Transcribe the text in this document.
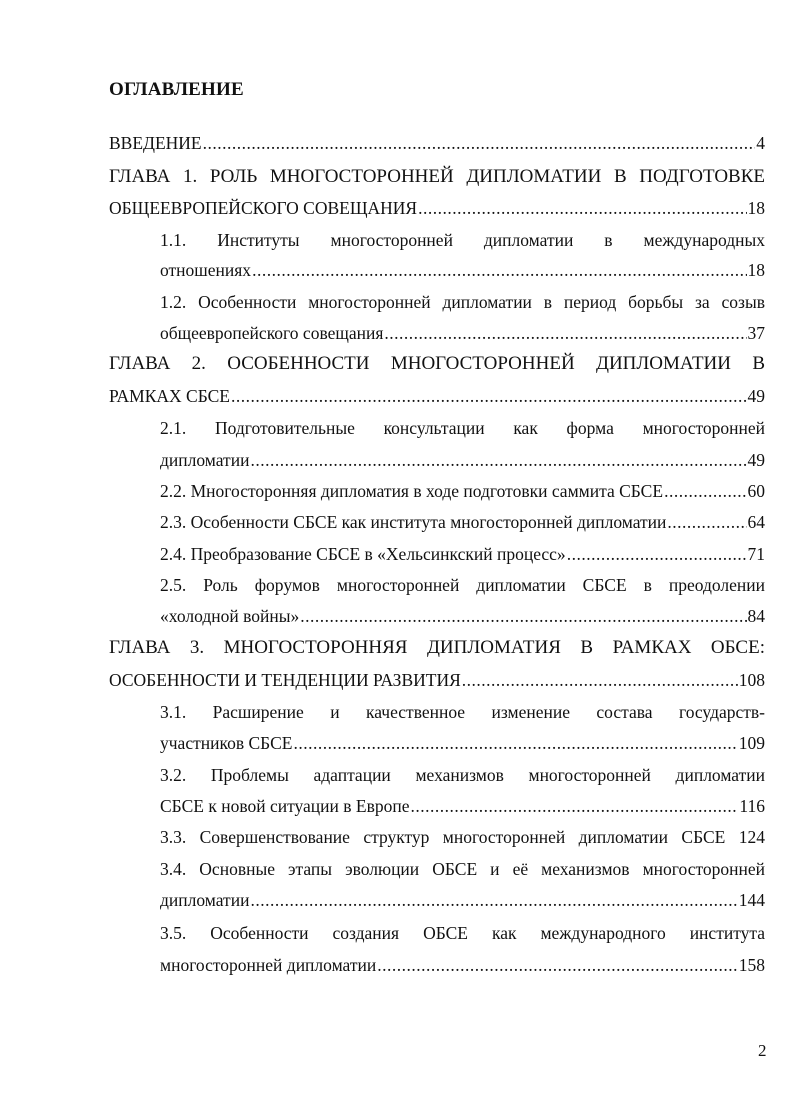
ОГЛАВЛЕНИЕ
ВВЕДЕНИЕ .....	4
ГЛАВА 1. РОЛЬ МНОГОСТОРОННЕЙ ДИПЛОМАТИИ В ПОДГОТОВКЕ
ОБЩЕЕВРОПЕЙСКОГО СОВЕЩАНИЯ .....	18
1.1. Институты многосторонней дипломатии в международных
отношениях .....	18
1.2. Особенности многосторонней дипломатии в период борьбы за созыв
общеевропейского совещания .....	37
ГЛАВА 2. ОСОБЕННОСТИ МНОГОСТОРОННЕЙ ДИПЛОМАТИИ В
РАМКАХ СБСЕ .....	49
2.1. Подготовительные консультации как форма многосторонней
дипломатии .....	49
2.2. Многосторонняя дипломатия в ходе подготовки саммита СБСЕ .....	60
2.3. Особенности СБСЕ как института многосторонней дипломатии .....	64
2.4. Преобразование СБСЕ в «Хельсинкский процесс» .....	71
2.5. Роль форумов многосторонней дипломатии СБСЕ в преодолении
«холодной войны» .....	84
ГЛАВА 3. МНОГОСТОРОННЯЯ ДИПЛОМАТИЯ В РАМКАХ ОБСЕ:
ОСОБЕННОСТИ И ТЕНДЕНЦИИ РАЗВИТИЯ .....	108
3.1. Расширение и качественное изменение состава государств-
участников СБСЕ .....	109
3.2. Проблемы адаптации механизмов многосторонней дипломатии
СБСЕ к новой ситуации в Европе .....	116
3.3. Совершенствование структур многосторонней дипломатии СБСЕ 124
3.4. Основные этапы эволюции ОБСЕ и её механизмов многосторонней
дипломатии .....	144
3.5. Особенности создания ОБСЕ как международного института
многосторонней дипломатии .....	158
2
